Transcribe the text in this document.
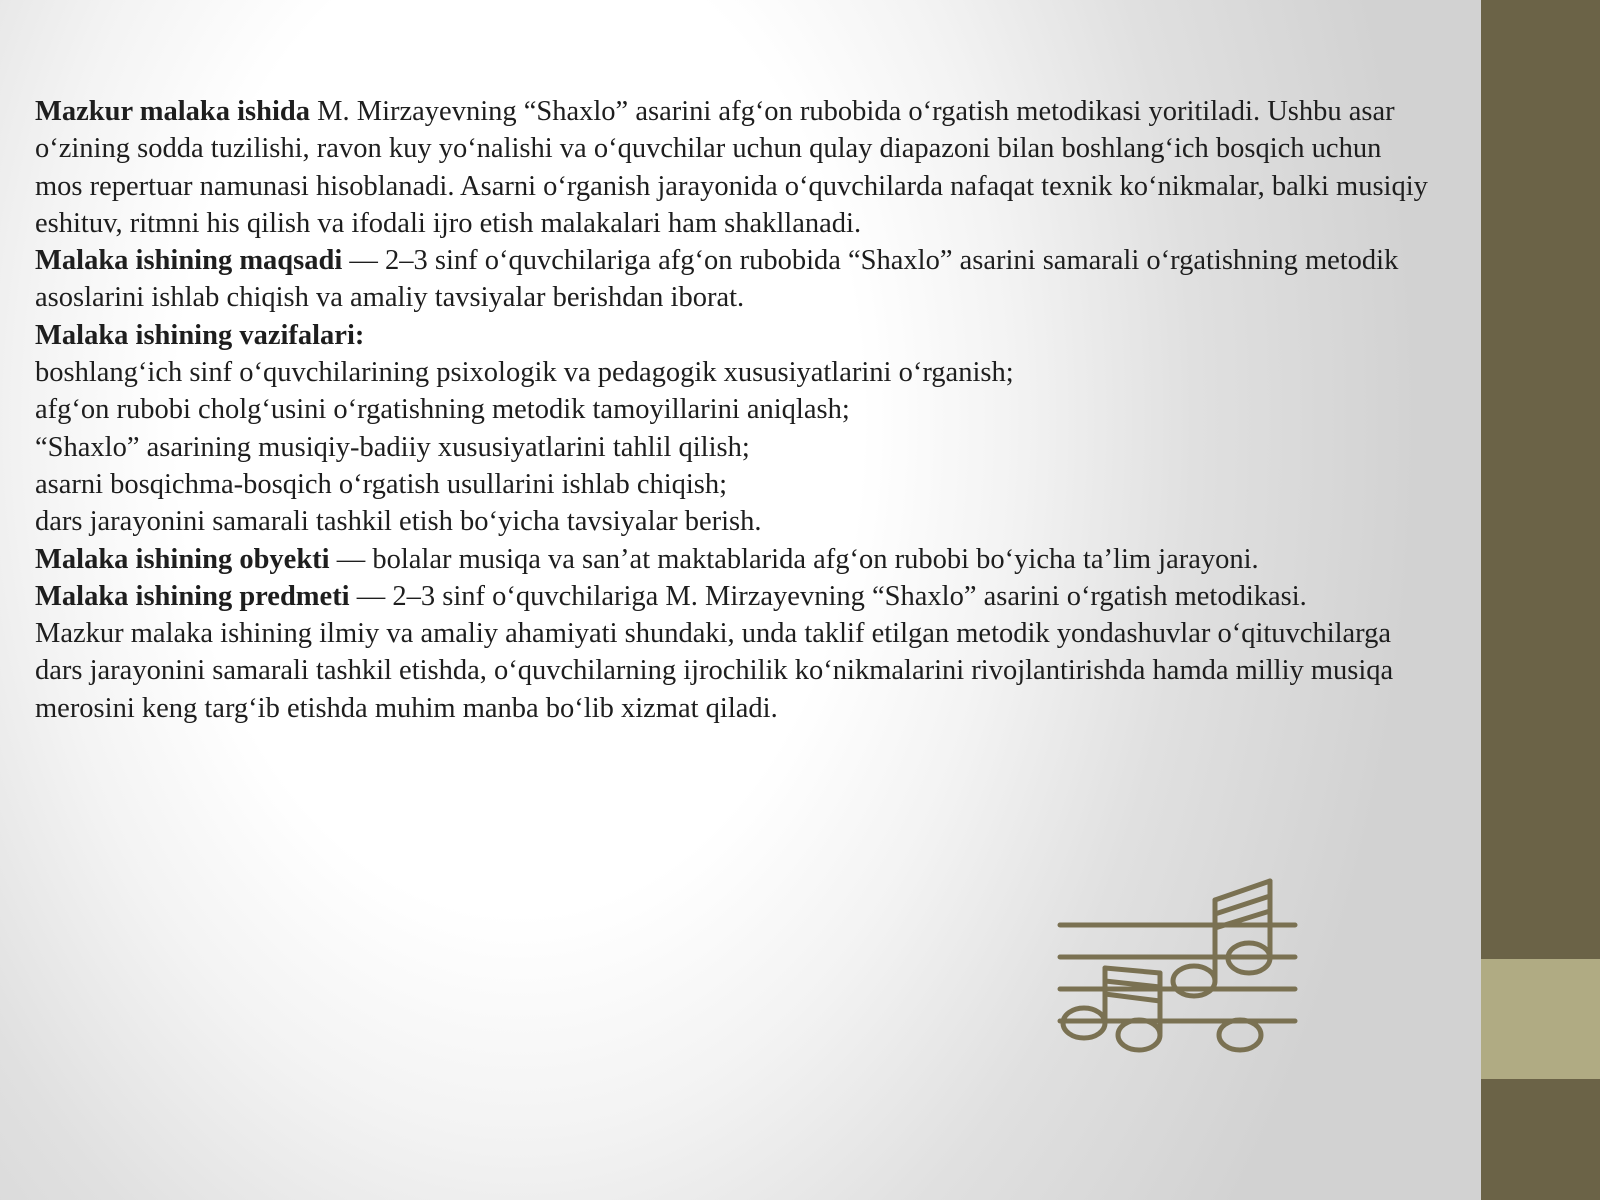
Mazkur malaka ishida M. Mirzayevning “Shaxlo” asarini afg‘on rubobida o‘rgatish metodikasi yoritiladi. Ushbu asar o‘zining sodda tuzilishi, ravon kuy yo‘nalishi va o‘quvchilar uchun qulay diapazoni bilan boshlang‘ich bosqich uchun mos repertuar namunasi hisoblanadi. Asarni o‘rganish jarayonida o‘quvchilarda nafaqat texnik ko‘nikmalar, balki musiqiy eshituv, ritmni his qilish va ifodali ijro etish malakalari ham shakllanadi.

Malaka ishining maqsadi — 2–3 sinf o‘quvchilariga afg‘on rubobida “Shaxlo” asarini samarali o‘rgatishning metodik asoslarini ishlab chiqish va amaliy tavsiyalar berishdan iborat.

Malaka ishining vazifalari:

boshlang‘ich sinf o‘quvchilarining psixologik va pedagogik xususiyatlarini o‘rganish;

afg‘on rubobi cholg‘usini o‘rgatishning metodik tamoyillarini aniqlash;

“Shaxlo” asarining musiqiy-badiiy xususiyatlarini tahlil qilish;

asarni bosqichma-bosqich o‘rgatish usullarini ishlab chiqish;

dars jarayonini samarali tashkil etish bo‘yicha tavsiyalar berish.

Malaka ishining obyekti — bolalar musiqa va san’at maktablarida afg‘on rubobi bo‘yicha ta’lim jarayoni.

Malaka ishining predmeti — 2–3 sinf o‘quvchilariga M. Mirzayevning “Shaxlo” asarini o‘rgatish metodikasi.

Mazkur malaka ishining ilmiy va amaliy ahamiyati shundaki, unda taklif etilgan metodik yondashuvlar o‘qituvchilarga dars jarayonini samarali tashkil etishda, o‘quvchilarning ijrochilik ko‘nikmalarini rivojlantirishda hamda milliy musiqa merosini keng targ‘ib etishda muhim manba bo‘lib xizmat qiladi.
